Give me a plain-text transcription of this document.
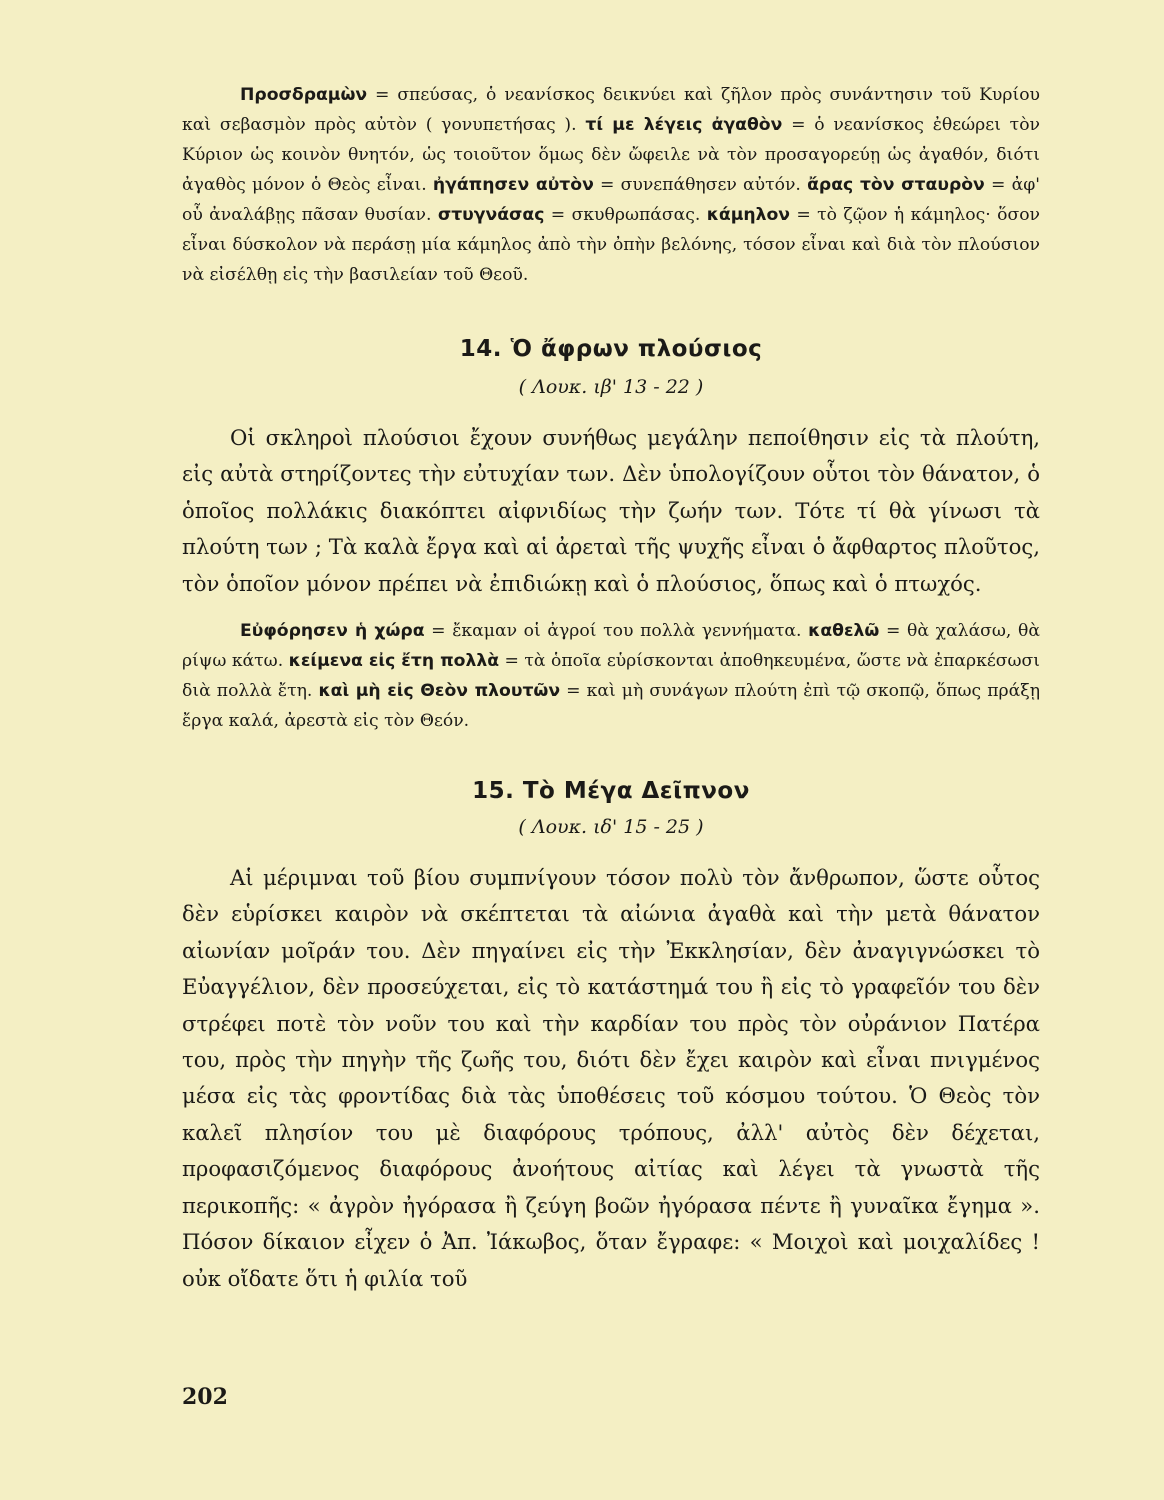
Προσδραμὼν = σπεύσας, ὁ νεανίσκος δεικνύει καὶ ζῆλον πρὸς συνάντησιν τοῦ Κυρίου καὶ σεβασμὸν πρὸς αὐτὸν ( γονυπετήσας ). τί με λέγεις ἀγαθὸν = ὁ νεανίσκος ἐθεώρει τὸν Κύριον ὡς κοινὸν θνητόν, ὡς τοιοῦτον ὅμως δὲν ὤφειλε νὰ τὸν προσαγορεύῃ ὡς ἀγαθόν, διότι ἀγαθὸς μόνον ὁ Θεὸς εἶναι. ἠγάπησεν αὐτὸν = συνεπάθησεν αὐτόν. ἄρας τὸν σταυρὸν = ἀφ' οὗ ἀναλάβῃς πᾶσαν θυσίαν. στυγνάσας = σκυθρωπάσας. κάμηλον = τὸ ζῷον ἡ κάμηλος· ὅσον εἶναι δύσκολον νὰ περάσῃ μία κάμηλος ἀπὸ τὴν ὀπὴν βελόνης, τόσον εἶναι καὶ διὰ τὸν πλούσιον νὰ εἰσέλθῃ εἰς τὴν βασιλείαν τοῦ Θεοῦ.

14. Ὁ ἄφρων πλούσιος

( Λουκ. ιβ' 13 - 22 )

Οἱ σκληροὶ πλούσιοι ἔχουν συνήθως μεγάλην πεποίθησιν εἰς τὰ πλούτη, εἰς αὐτὰ στηρίζοντες τὴν εὐτυχίαν των. Δὲν ὑπολογίζουν οὗτοι τὸν θάνατον, ὁ ὁποῖος πολλάκις διακόπτει αἰφνιδίως τὴν ζωήν των. Τότε τί θὰ γίνωσι τὰ πλούτη των ; Τὰ καλὰ ἔργα καὶ αἱ ἀρεταὶ τῆς ψυχῆς εἶναι ὁ ἄφθαρτος πλοῦτος, τὸν ὁποῖον μόνον πρέπει νὰ ἐπιδιώκῃ καὶ ὁ πλούσιος, ὅπως καὶ ὁ πτωχός.

Εὐφόρησεν ἡ χώρα = ἔκαμαν οἱ ἀγροί του πολλὰ γεννήματα. καθελῶ = θὰ χαλάσω, θὰ ρίψω κάτω. κείμενα εἰς ἔτη πολλὰ = τὰ ὁποῖα εὑρίσκονται ἀποθηκευμένα, ὥστε νὰ ἐπαρκέσωσι διὰ πολλὰ ἔτη. καὶ μὴ εἰς Θεὸν πλουτῶν = καὶ μὴ συνάγων πλούτη ἐπὶ τῷ σκοπῷ, ὅπως πράξῃ ἔργα καλά, ἀρεστὰ εἰς τὸν Θεόν.

15. Τὸ Μέγα Δεῖπνον

( Λουκ. ιδ' 15 - 25 )

Αἱ μέριμναι τοῦ βίου συμπνίγουν τόσον πολὺ τὸν ἄνθρωπον, ὥστε οὗτος δὲν εὑρίσκει καιρὸν νὰ σκέπτεται τὰ αἰώνια ἀγαθὰ καὶ τὴν μετὰ θάνατον αἰωνίαν μοῖράν του. Δὲν πηγαίνει εἰς τὴν Ἐκκλησίαν, δὲν ἀναγιγνώσκει τὸ Εὐαγγέλιον, δὲν προσεύχεται, εἰς τὸ κατάστημά του ἢ εἰς τὸ γραφεῖόν του δὲν στρέφει ποτὲ τὸν νοῦν του καὶ τὴν καρδίαν του πρὸς τὸν οὐράνιον Πατέρα του, πρὸς τὴν πηγὴν τῆς ζωῆς του, διότι δὲν ἔχει καιρὸν καὶ εἶναι πνιγμένος μέσα εἰς τὰς φροντίδας διὰ τὰς ὑποθέσεις τοῦ κόσμου τούτου. Ὁ Θεὸς τὸν καλεῖ πλησίον του μὲ διαφόρους τρόπους, ἀλλ' αὐτὸς δὲν δέχεται, προφασιζόμενος διαφόρους ἀνοήτους αἰτίας καὶ λέγει τὰ γνωστὰ τῆς περικοπῆς: « ἀγρὸν ἠγόρασα ἢ ζεύγη βοῶν ἠγόρασα πέντε ἢ γυναῖκα ἔγημα ». Πόσον δίκαιον εἶχεν ὁ Ἀπ. Ἰάκωβος, ὅταν ἔγραφε: « Μοιχοὶ καὶ μοιχαλίδες ! οὐκ οἴδατε ὅτι ἡ φιλία τοῦ

202
